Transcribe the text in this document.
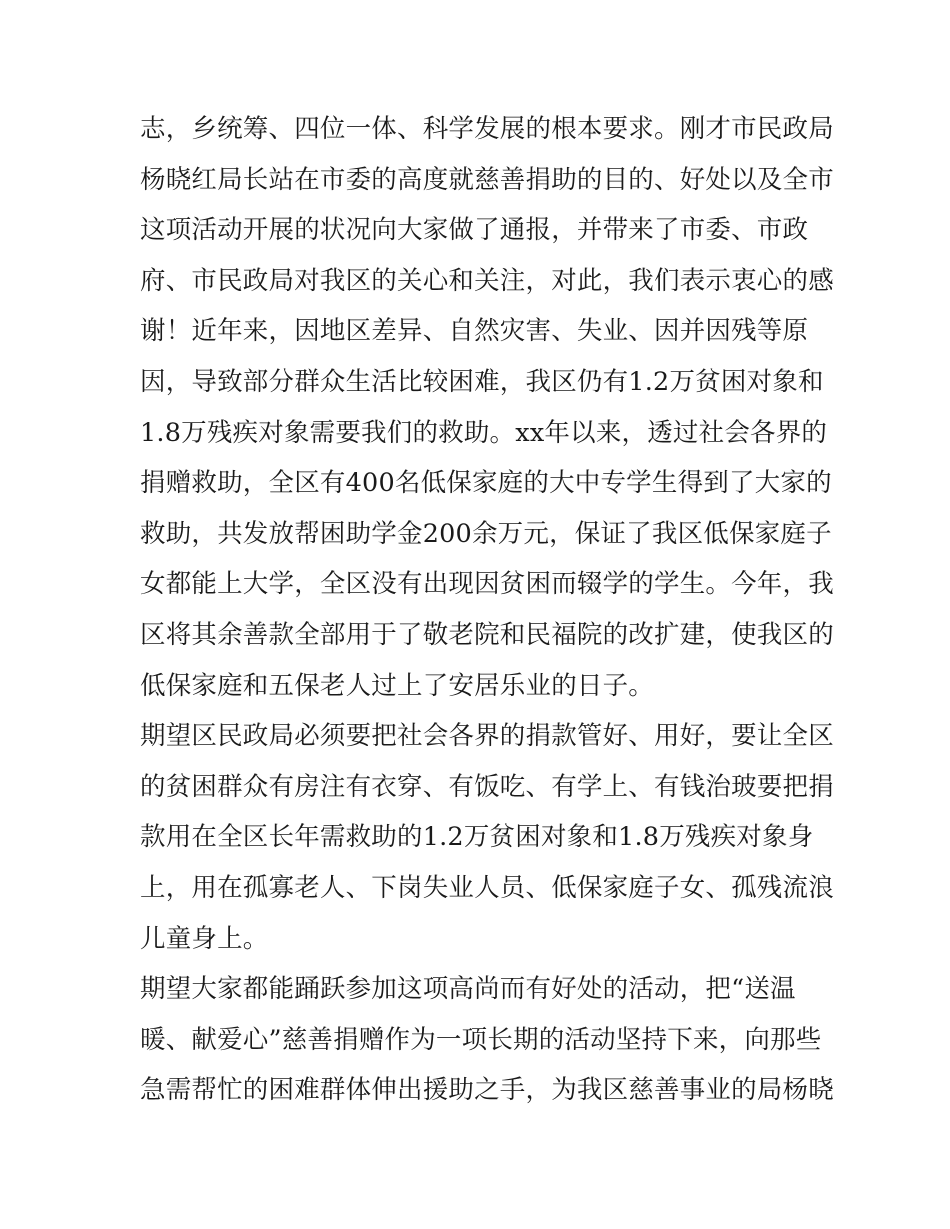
志，乡统筹、四位一体、科学发展的根本要求。刚才市民政局
杨晓红局长站在市委的高度就慈善捐助的目的、好处以及全市
这项活动开展的状况向大家做了通报，并带来了市委、市政
府、市民政局对我区的关心和关注，对此，我们表示衷心的感
谢！近年来，因地区差异、自然灾害、失业、因并因残等原
因，导致部分群众生活比较困难，我区仍有1.2万贫困对象和
1.8万残疾对象需要我们的救助。xx年以来，透过社会各界的
捐赠救助，全区有400名低保家庭的大中专学生得到了大家的
救助，共发放帮困助学金200余万元，保证了我区低保家庭子
女都能上大学，全区没有出现因贫困而辍学的学生。今年，我
区将其余善款全部用于了敬老院和民福院的改扩建，使我区的
低保家庭和五保老人过上了安居乐业的日子。
期望区民政局必须要把社会各界的捐款管好、用好，要让全区
的贫困群众有房注有衣穿、有饭吃、有学上、有钱治玻要把捐
款用在全区长年需救助的1.2万贫困对象和1.8万残疾对象身
上，用在孤寡老人、下岗失业人员、低保家庭子女、孤残流浪
儿童身上。
期望大家都能踊跃参加这项高尚而有好处的活动，把“送温
暖、献爱心”慈善捐赠作为一项长期的活动坚持下来，向那些
急需帮忙的困难群体伸出援助之手，为我区慈善事业的局杨晓
